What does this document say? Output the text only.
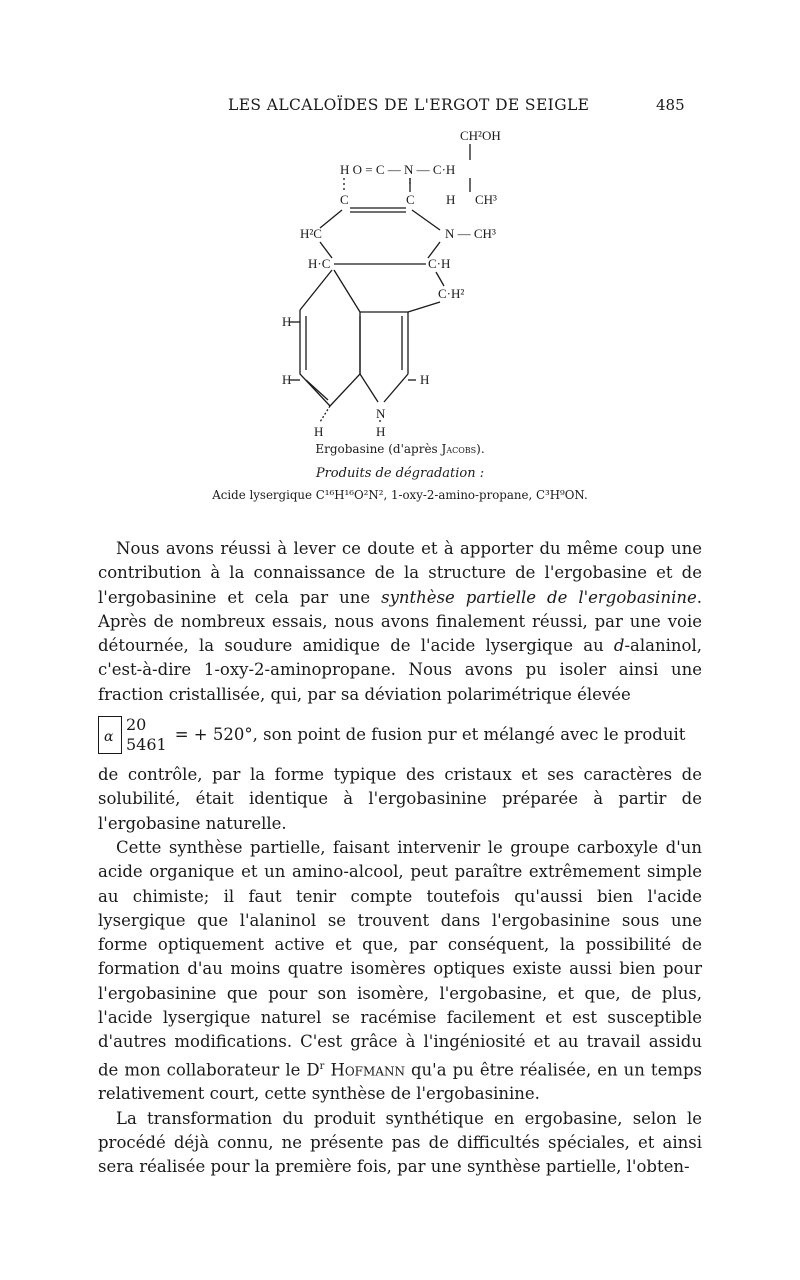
LES ALCALOÏDES DE L'ERGOT DE SEIGLE	485
CH²OH
H O = C — N — C·H
C	C H CH³
H²C	N — CH³
H·C	C·H
C·H²
H
H	H
N
H	H
Ergobasine (d'après Jacobs).
Produits de dégradation :
Acide lysergique C¹⁶H¹⁶O²N², 1-oxy-2-amino-propane, C³H⁹ON.

Nous avons réussi à lever ce doute et à apporter du même coup une contribution à la connaissance de la structure de l'ergobasine et de l'ergobasinine et cela par une synthèse partielle de l'ergobasinine. Après de nombreux essais, nous avons finalement réussi, par une voie détournée, la soudure amidique de l'acide lysergique au d-alaninol, c'est-à-dire 1-oxy-2-aminopropane. Nous avons pu isoler ainsi une fraction cristallisée, qui, par sa déviation polarimétrique élevée

α
20
5461
= + 520° , son point de fusion pur et mélangé avec le produit

de contrôle, par la forme typique des cristaux et ses caractères de solubilité, était identique à l'ergobasinine préparée à partir de l'ergobasine naturelle.

Cette synthèse partielle, faisant intervenir le groupe carboxyle d'un acide organique et un amino-alcool, peut paraître extrêmement simple au chimiste; il faut tenir compte toutefois qu'aussi bien l'acide lysergique que l'alaninol se trouvent dans l'ergobasinine sous une forme optiquement active et que, par conséquent, la possibilité de formation d'au moins quatre isomères optiques existe aussi bien pour l'ergobasinine que pour son isomère, l'ergobasine, et que, de plus, l'acide lysergique naturel se racémise facilement et est susceptible d'autres modifications. C'est grâce à l'ingéniosité et au travail assidu de mon collaborateur le $D^r$ Hofmann qu'a pu être réalisée, en un temps relativement court, cette synthèse de l'ergobasinine.

La transformation du produit synthétique en ergobasine, selon le procédé déjà connu, ne présente pas de difficultés spéciales, et ainsi sera réalisée pour la première fois, par une synthèse partielle, l'obten-
